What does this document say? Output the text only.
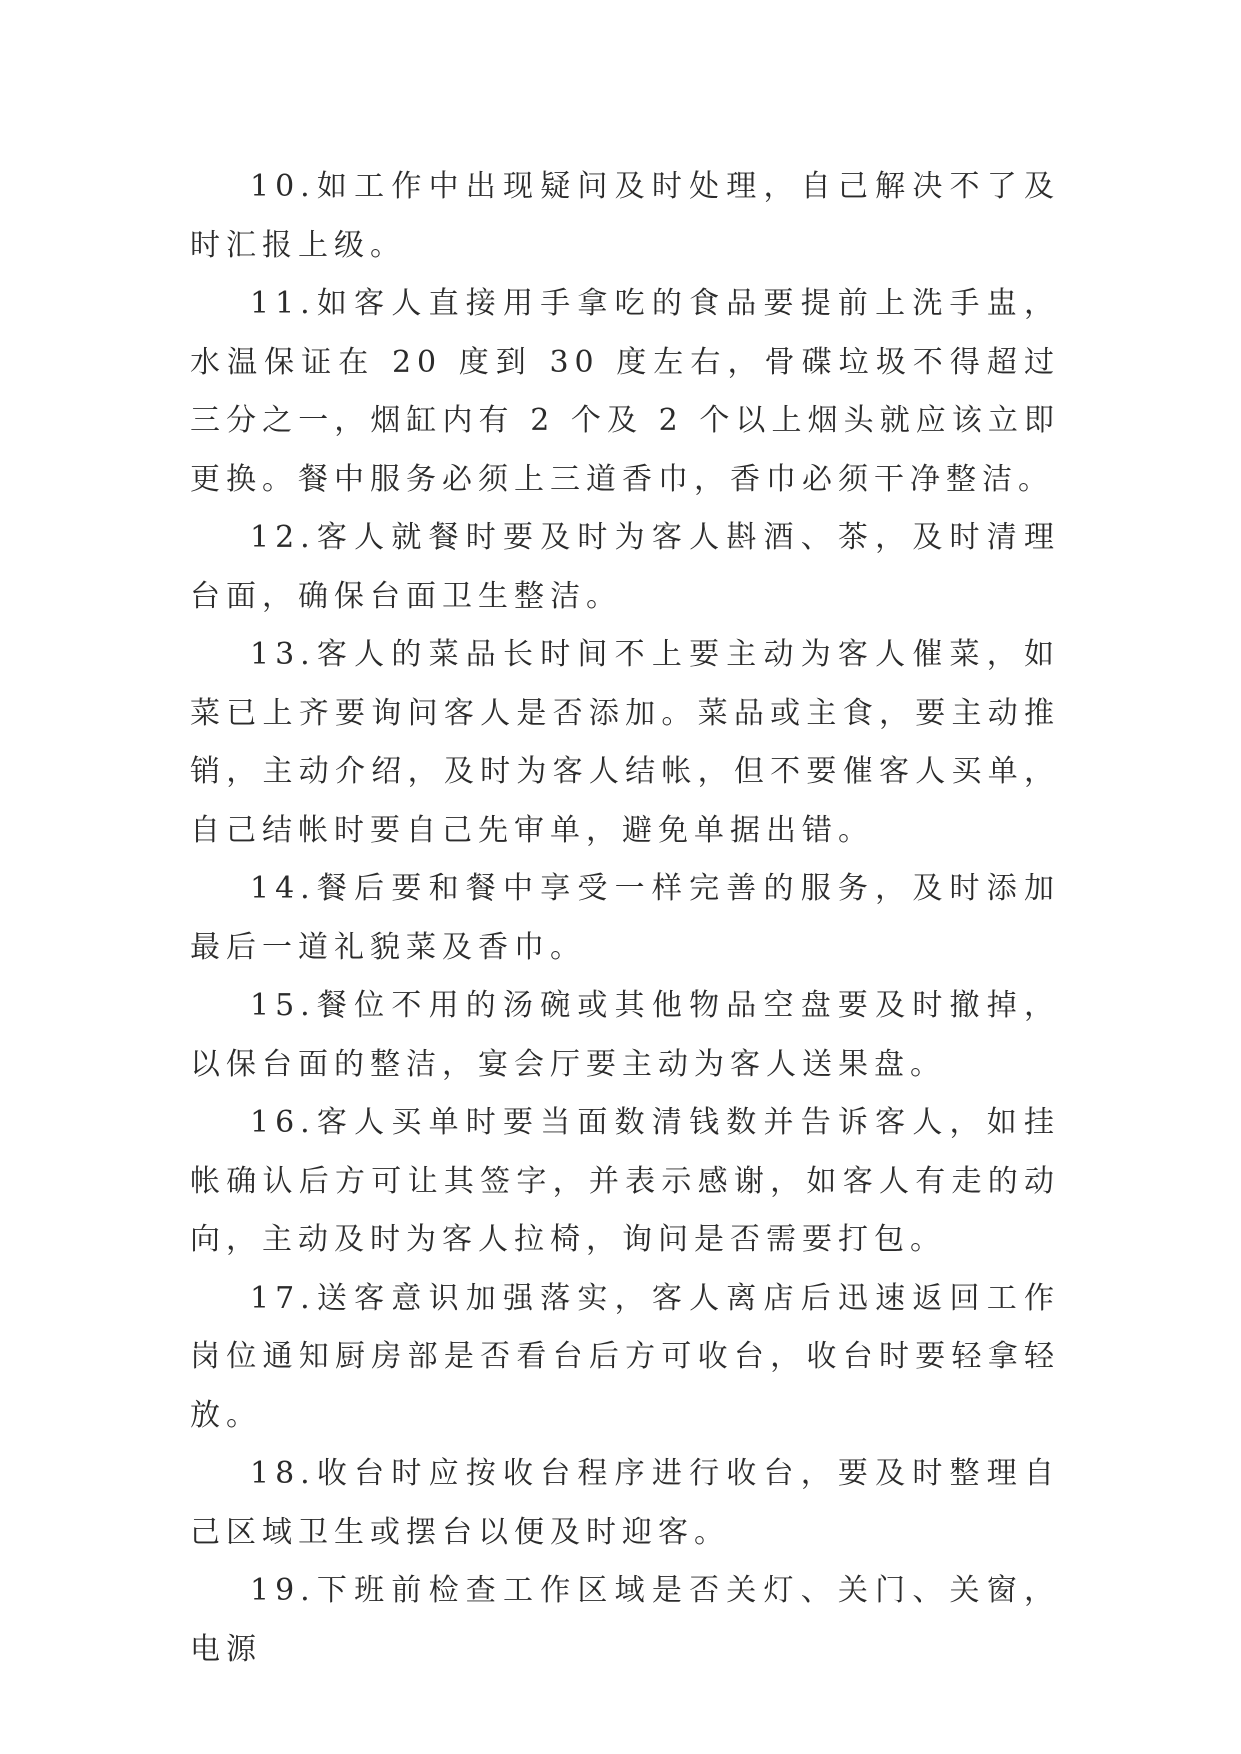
10.如工作中出现疑问及时处理，自己解决不了及时汇报上级。

11.如客人直接用手拿吃的食品要提前上洗手盅，水温保证在 20 度到 30 度左右，骨碟垃圾不得超过三分之一，烟缸内有 2 个及 2 个以上烟头就应该立即更换。餐中服务必须上三道香巾，香巾必须干净整洁。

12.客人就餐时要及时为客人斟酒、茶，及时清理台面，确保台面卫生整洁。

13.客人的菜品长时间不上要主动为客人催菜，如菜已上齐要询问客人是否添加。菜品或主食，要主动推销，主动介绍，及时为客人结帐，但不要催客人买单，自己结帐时要自己先审单，避免单据出错。

14.餐后要和餐中享受一样完善的服务，及时添加最后一道礼貌菜及香巾。

15.餐位不用的汤碗或其他物品空盘要及时撤掉，以保台面的整洁，宴会厅要主动为客人送果盘。

16.客人买单时要当面数清钱数并告诉客人，如挂帐确认后方可让其签字，并表示感谢，如客人有走的动向，主动及时为客人拉椅，询问是否需要打包。

17.送客意识加强落实，客人离店后迅速返回工作岗位通知厨房部是否看台后方可收台，收台时要轻拿轻放。

18.收台时应按收台程序进行收台，要及时整理自己区域卫生或摆台以便及时迎客。

19.下班前检查工作区域是否关灯、关门、关窗，电源
